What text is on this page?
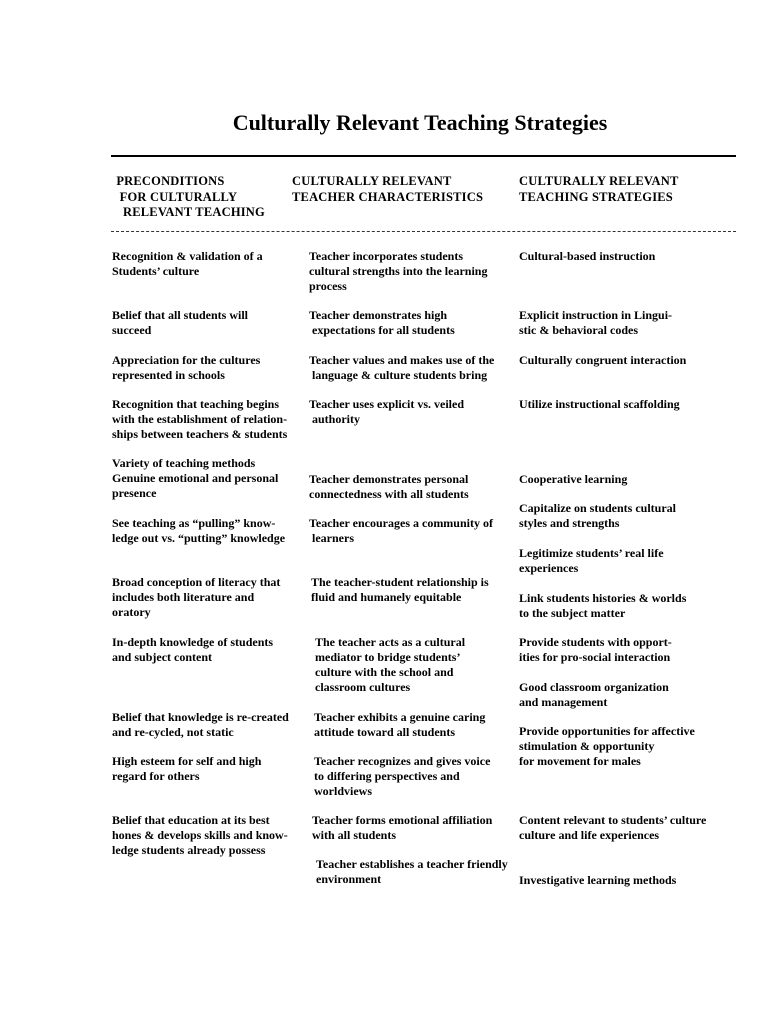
Culturally Relevant Teaching Strategies
PRECONDITIONS
FOR CULTURALLY
RELEVANT TEACHING
CULTURALLY RELEVANT
TEACHER CHARACTERISTICS
CULTURALLY RELEVANT
TEACHING STRATEGIES
Recognition & validation of a
Students’ culture
Belief that all students will
succeed
Appreciation for the cultures
represented in schools
Recognition that teaching begins
with the establishment of relation-
ships between teachers & students
Variety of teaching methods
Genuine emotional and personal
presence
See teaching as “pulling” know-
ledge out vs. “putting” knowledge
Broad conception of literacy that
includes both literature and
oratory
In-depth knowledge of students
and subject content
Belief that knowledge is re-created
and re-cycled, not static
High esteem for self and high
regard for others
Belief that education at its best
hones & develops skills and know-
ledge students already possess
Teacher incorporates students
cultural strengths into the learning
process
Teacher demonstrates high
expectations for all students
Teacher values and makes use of the
language & culture students bring
Teacher uses explicit vs. veiled
authority
Teacher demonstrates personal
connectedness with all students
Teacher encourages a community of
learners
The teacher-student relationship is
fluid and humanely equitable
The teacher acts as a cultural
mediator to bridge students’
culture with the school and
classroom cultures
Teacher exhibits a genuine caring
attitude toward all students
Teacher recognizes and gives voice
to differing perspectives and
worldviews
Teacher forms emotional affiliation
with all students
Teacher establishes a teacher friendly
environment
Cultural-based instruction
Explicit instruction in Lingui-
stic & behavioral codes
Culturally congruent interaction
Utilize instructional scaffolding
Cooperative learning
Capitalize on students cultural
styles and strengths
Legitimize students’ real life
experiences
Link students histories & worlds
to the subject matter
Provide students with opport-
ities for pro-social interaction
Good classroom organization
and management
Provide opportunities for affective
stimulation & opportunity
for movement for males
Content relevant to students’ culture
culture and life experiences
Investigative learning methods
